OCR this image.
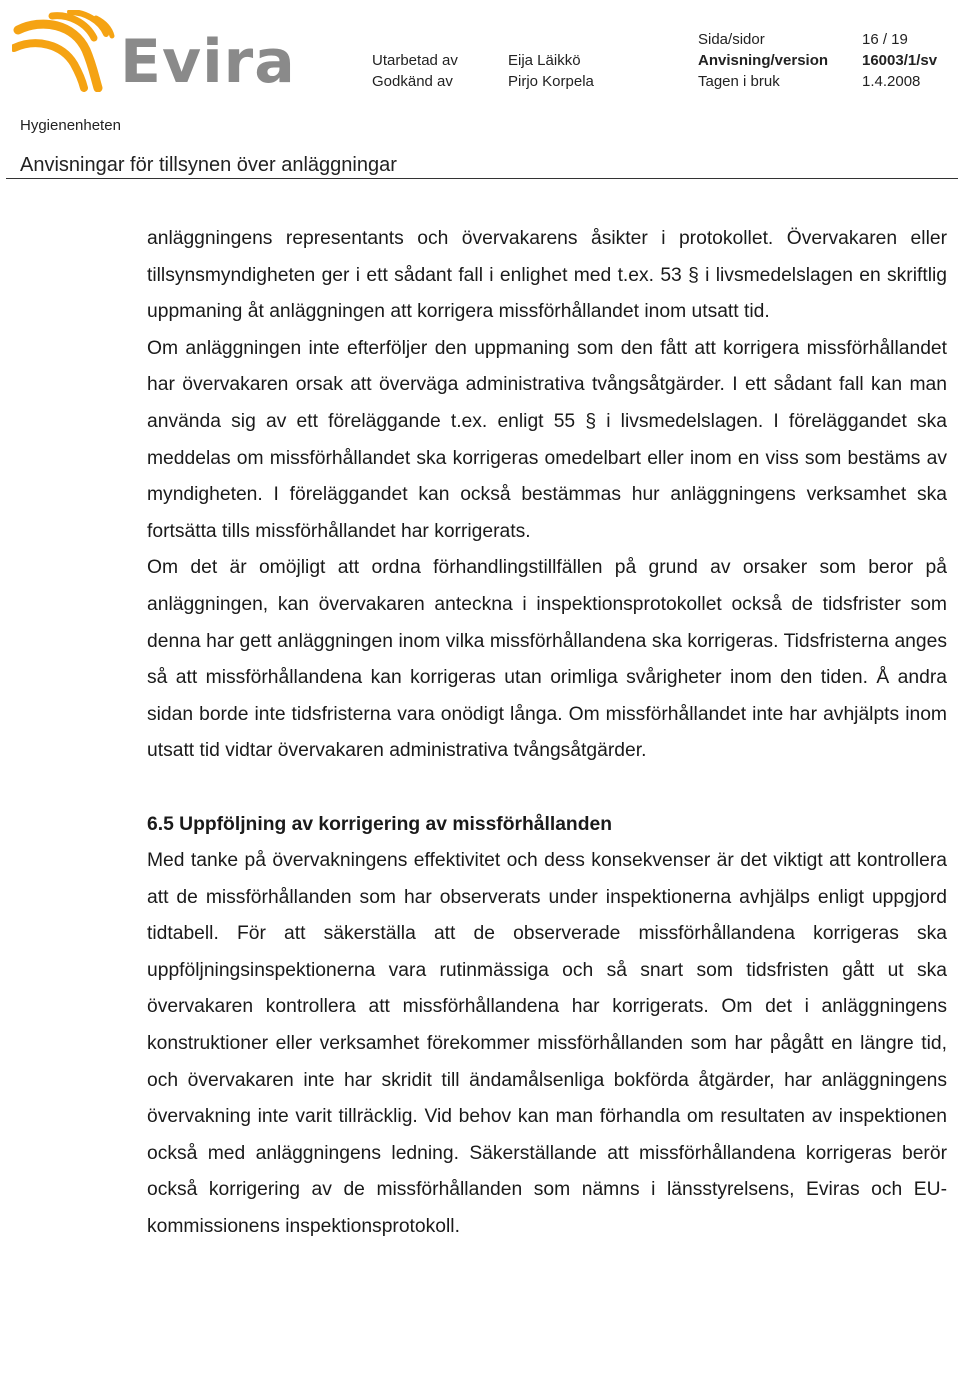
Evira	Sida/sidor	16 / 19
Utarbetad av	Eija Läikkö	Anvisning/version 16003/1/sv
Godkänd av	Pirjo Korpela	Tagen i bruk	1.4.2008
Hygienenheten
Anvisningar för tillsynen över anläggningar

anläggningens representants och övervakarens åsikter i protokollet. Övervakaren eller tillsynsmyndigheten ger i ett sådant fall i enlighet med t.ex. 53 § i livsmedelslagen en skriftlig uppmaning åt anläggningen att korrigera missförhållandet inom utsatt tid.

Om anläggningen inte efterföljer den uppmaning som den fått att korrigera missförhållandet har övervakaren orsak att överväga administrativa tvångsåtgärder. I ett sådant fall kan man använda sig av ett föreläggande t.ex. enligt 55 § i livsmedelslagen. I föreläggandet ska meddelas om missförhållandet ska korrigeras omedelbart eller inom en viss som bestäms av myndigheten. I föreläggandet kan också bestämmas hur anläggningens verksamhet ska fortsätta tills missförhållandet har korrigerats.

Om det är omöjligt att ordna förhandlingstillfällen på grund av orsaker som beror på anläggningen, kan övervakaren anteckna i inspektionsprotokollet också de tidsfrister som denna har gett anläggningen inom vilka missförhållandena ska korrigeras. Tidsfristerna anges så att missförhållandena kan korrigeras utan orimliga svårigheter inom den tiden. Å andra sidan borde inte tidsfristerna vara onödigt långa. Om missförhållandet inte har avhjälpts inom utsatt tid vidtar övervakaren administrativa tvångsåtgärder.

6.5 Uppföljning av korrigering av missförhållanden

Med tanke på övervakningens effektivitet och dess konsekvenser är det viktigt att kontrollera att de missförhållanden som har observerats under inspektionerna avhjälps enligt uppgjord tidtabell. För att säkerställa att de observerade missförhållandena korrigeras ska uppföljningsinspektionerna vara rutinmässiga och så snart som tidsfristen gått ut ska övervakaren kontrollera att missförhållandena har korrigerats. Om det i anläggningens konstruktioner eller verksamhet förekommer missförhållanden som har pågått en längre tid, och övervakaren inte har skridit till ändamålsenliga bokförda åtgärder, har anläggningens övervakning inte varit tillräcklig. Vid behov kan man förhandla om resultaten av inspektionen också med anläggningens ledning. Säkerställande att missförhållandena korrigeras berör också korrigering av de missförhållanden som nämns i länsstyrelsens, Eviras och EU-kommissionens inspektionsprotokoll.
